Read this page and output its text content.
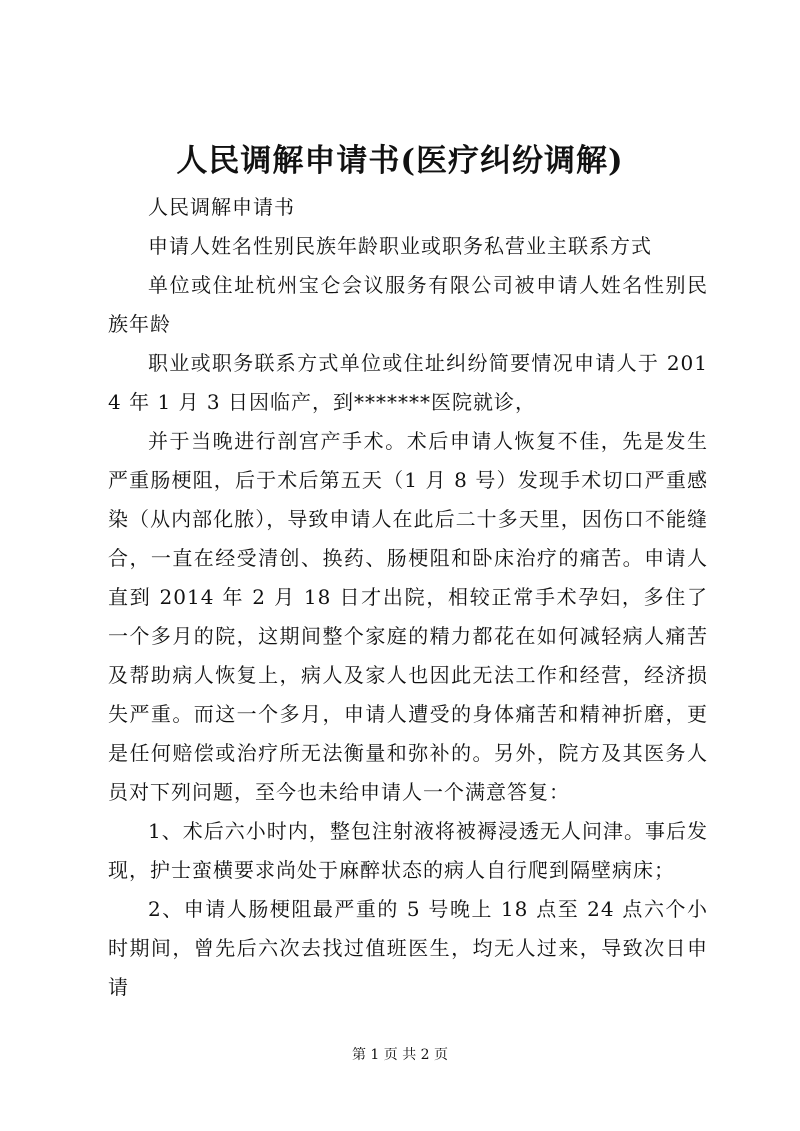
人民调解申请书(医疗纠纷调解)

人民调解申请书

申请人姓名性别民族年龄职业或职务私营业主联系方式

单位或住址杭州宝仑会议服务有限公司被申请人姓名性别民族年龄

职业或职务联系方式单位或住址纠纷简要情况申请人于 2014 年 1 月 3 日因临产，到*******医院就诊，

并于当晚进行剖宫产手术。术后申请人恢复不佳，先是发生严重肠梗阻，后于术后第五天（1 月 8 号）发现手术切口严重感染（从内部化脓），导致申请人在此后二十多天里，因伤口不能缝合，一直在经受清创、换药、肠梗阻和卧床治疗的痛苦。申请人直到 2014 年 2 月 18 日才出院，相较正常手术孕妇，多住了一个多月的院，这期间整个家庭的精力都花在如何减轻病人痛苦及帮助病人恢复上，病人及家人也因此无法工作和经营，经济损失严重。而这一个多月，申请人遭受的身体痛苦和精神折磨，更是任何赔偿或治疗所无法衡量和弥补的。另外，院方及其医务人员对下列问题，至今也未给申请人一个满意答复：

1、术后六小时内，整包注射液将被褥浸透无人问津。事后发现，护士蛮横要求尚处于麻醉状态的病人自行爬到隔壁病床；

2、申请人肠梗阻最严重的 5 号晚上 18 点至 24 点六个小时期间，曾先后六次去找过值班医生，均无人过来，导致次日申请

第 1 页 共 2 页
